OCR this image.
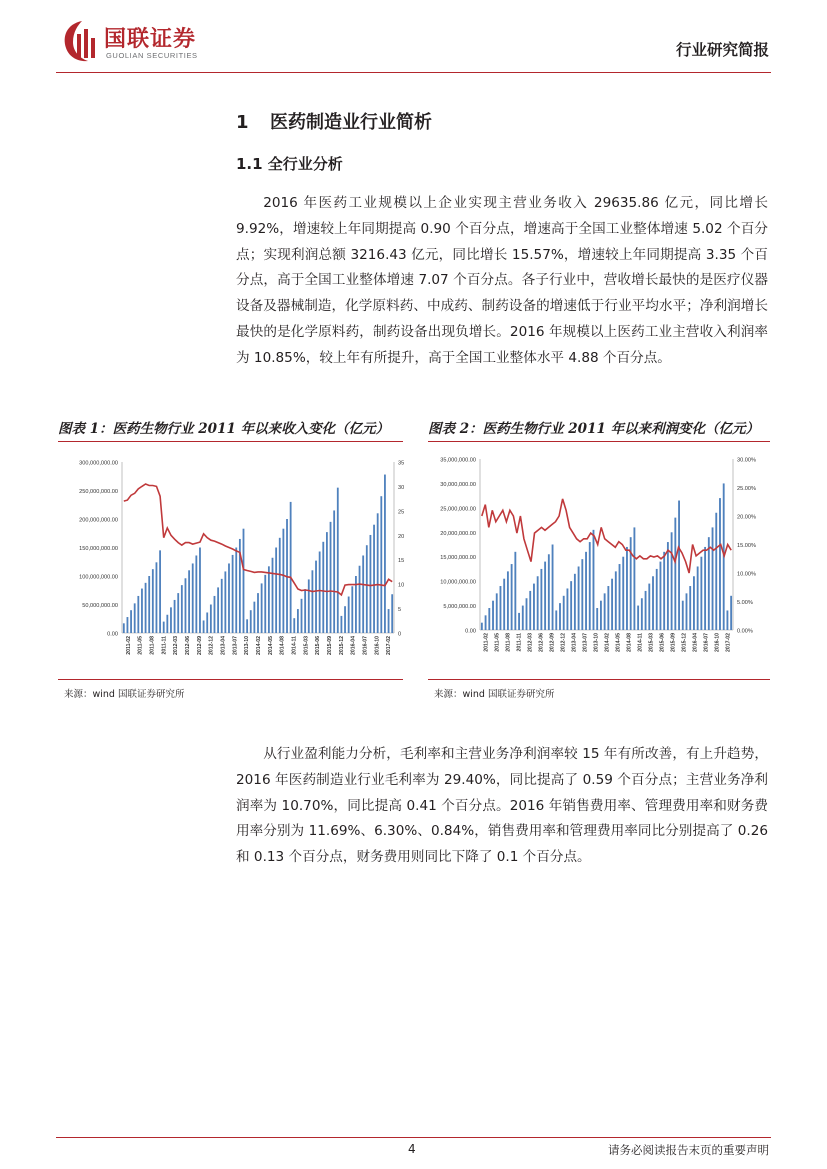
国联证券
GUOLIAN SECURITIES	行业研究简报
1 医药制造业行业简析
1.1 全行业分析

2016 年医药工业规模以上企业实现主营业务收入 29635.86 亿元，同比增长 9.92%，增速较上年同期提高 0.90 个百分点，增速高于全国工业整体增速 5.02 个百分点；实现利润总额 3216.43 亿元，同比增长 15.57%，增速较上年同期提高 3.35 个百分点，高于全国工业整体增速 7.07 个百分点。各子行业中，营收增长最快的是医疗仪器设备及器械制造，化学原料药、中成药、制药设备的增速低于行业平均水平；净利润增长最快的是化学原料药，制药设备出现负增长。2016 年规模以上医药工业主营收入利润率为 10.85%，较上年有所提升，高于全国工业整体水平 4.88 个百分点。

图表 1：医药生物行业 2011 年以来收入变化（亿元）
300,000,000.00
250,000,000.00
200,000,000.00
150,000,000.00
100,000,000.00
50,000,000.00
0.00
35
30
25
20
15
10
5
0
2011-02 2011-05 2011-08 2011-11 2012-03 2012-06 2012-09 2012-12 2013-04 2013-07 2013-10 2014-02 2014-05 2014-08 2014-11 2015-03 2015-06 2015-09 2015-12 2016-04 2016-07 2016-10 2017-02
来源：wind 国联证券研究所
图表 2：医药生物行业 2011 年以来利润变化（亿元）
35,000,000.00
30,000,000.00
25,000,000.00
20,000,000.00
15,000,000.00
10,000,000.00
5,000,000.00
0.00
30.00%
25.00%
20.00%
15.00%
10.00%
5.00%
0.00%
2011-02 2011-05 2011-08 2011-11 2012-03 2012-06 2012-09 2012-12 2013-04 2013-07 2013-10 2014-02 2014-05 2014-08 2014-11 2015-03 2015-06 2015-09 2015-12 2016-04 2016-07 2016-10 2017-02
来源：wind 国联证券研究所

从行业盈利能力分析，毛利率和主营业务净利润率较 15 年有所改善，有上升趋势，2016 年医药制造业行业毛利率为 29.40%，同比提高了 0.59 个百分点；主营业务净利润率为 10.70%，同比提高 0.41 个百分点。2016 年销售费用率、管理费用率和财务费用率分别为 11.69%、6.30%、0.84%，销售费用率和管理费用率同比分别提高了 0.26 和 0.13 个百分点，财务费用则同比下降了 0.1 个百分点。

4	请务必阅读报告末页的重要声明
